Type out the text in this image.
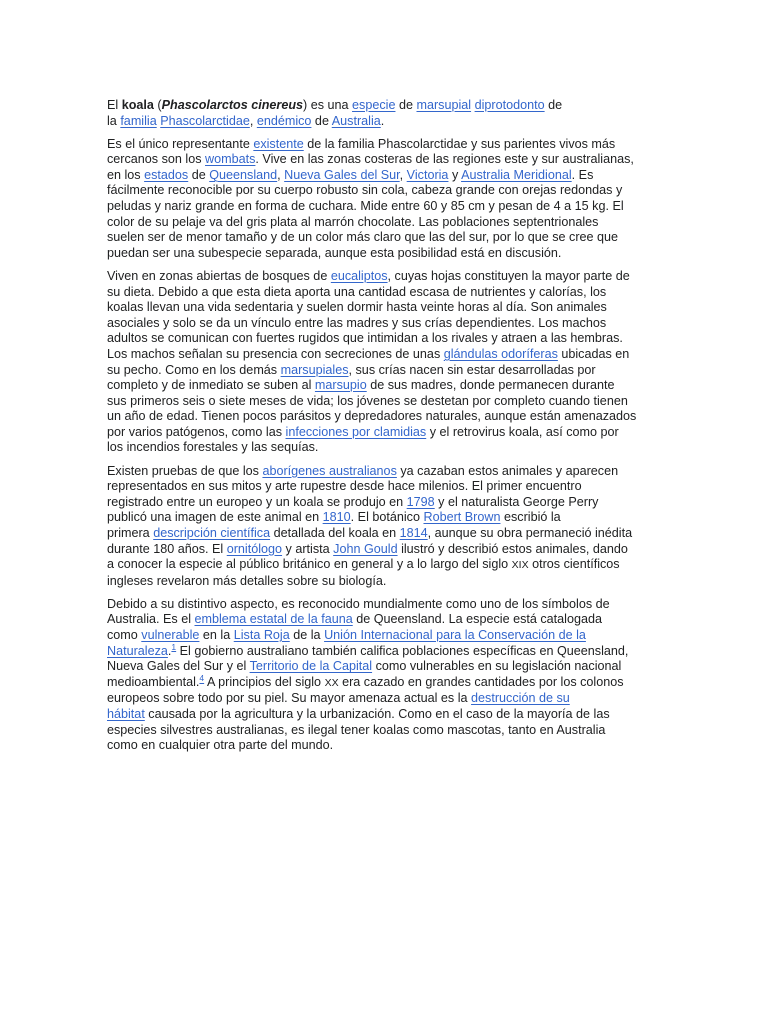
El koala (Phascolarctos cinereus) es una especie de marsupial diprotodonto de
la familia Phascolarctidae, endémico de Australia.

Es el único representante existente de la familia Phascolarctidae y sus parientes vivos más
cercanos son los wombats. Vive en las zonas costeras de las regiones este y sur australianas,
en los estados de Queensland, Nueva Gales del Sur, Victoria y Australia Meridional. Es
fácilmente reconocible por su cuerpo robusto sin cola, cabeza grande con orejas redondas y
peludas y nariz grande en forma de cuchara. Mide entre 60 y 85 cm y pesan de 4 a 15 kg. El
color de su pelaje va del gris plata al marrón chocolate. Las poblaciones septentrionales
suelen ser de menor tamaño y de un color más claro que las del sur, por lo que se cree que
puedan ser una subespecie separada, aunque esta posibilidad está en discusión.

Viven en zonas abiertas de bosques de eucaliptos, cuyas hojas constituyen la mayor parte de
su dieta. Debido a que esta dieta aporta una cantidad escasa de nutrientes y calorías, los
koalas llevan una vida sedentaria y suelen dormir hasta veinte horas al día. Son animales
asociales y solo se da un vínculo entre las madres y sus crías dependientes. Los machos
adultos se comunican con fuertes rugidos que intimidan a los rivales y atraen a las hembras.
Los machos señalan su presencia con secreciones de unas glándulas odoríferas ubicadas en
su pecho. Como en los demás marsupiales, sus crías nacen sin estar desarrolladas por
completo y de inmediato se suben al marsupio de sus madres, donde permanecen durante
sus primeros seis o siete meses de vida; los jóvenes se destetan por completo cuando tienen
un año de edad. Tienen pocos parásitos y depredadores naturales, aunque están amenazados
por varios patógenos, como las infecciones por clamidias y el retrovirus koala, así como por
los incendios forestales y las sequías.

Existen pruebas de que los aborígenes australianos ya cazaban estos animales y aparecen
representados en sus mitos y arte rupestre desde hace milenios. El primer encuentro
registrado entre un europeo y un koala se produjo en 1798 y el naturalista George Perry
publicó una imagen de este animal en 1810. El botánico Robert Brown escribió la
primera descripción científica detallada del koala en 1814, aunque su obra permaneció inédita
durante 180 años. El ornitólogo y artista John Gould ilustró y describió estos animales, dando
a conocer la especie al público británico en general y a lo largo del siglo XIX otros científicos
ingleses revelaron más detalles sobre su biología.

Debido a su distintivo aspecto, es reconocido mundialmente como uno de los símbolos de
Australia. Es el emblema estatal de la fauna de Queensland. La especie está catalogada
como vulnerable en la Lista Roja de la Unión Internacional para la Conservación de la
Naturaleza.$^1$ El gobierno australiano también califica poblaciones específicas en Queensland,
Nueva Gales del Sur y el Territorio de la Capital como vulnerables en su legislación nacional
medioambiental.$^4$ A principios del siglo XX era cazado en grandes cantidades por los colonos
europeos sobre todo por su piel. Su mayor amenaza actual es la destrucción de su
hábitat causada por la agricultura y la urbanización. Como en el caso de la mayoría de las
especies silvestres australianas, es ilegal tener koalas como mascotas, tanto en Australia
como en cualquier otra parte del mundo.
